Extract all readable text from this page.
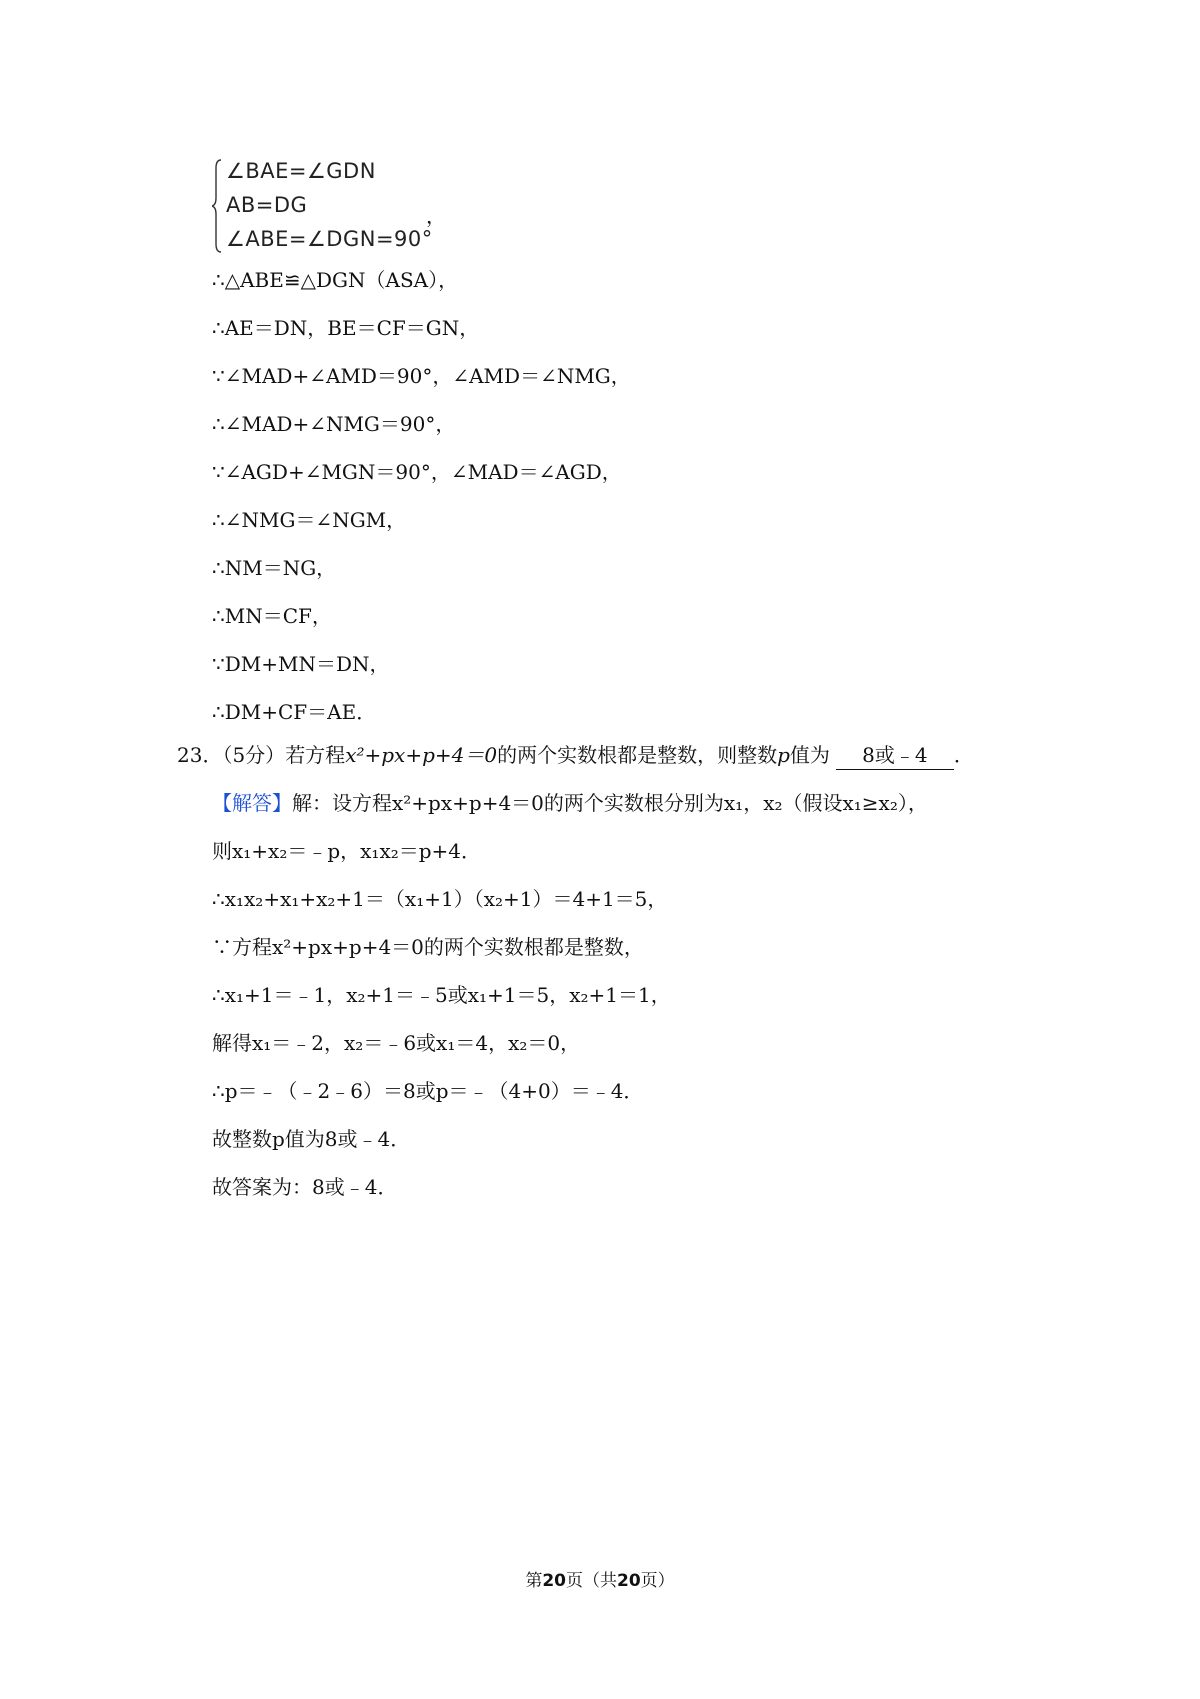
∠BAE=∠GDN
AB=DG
∠ABE=∠DGN=90°
，
∴△ABE≌△DGN（ASA），
∴AE＝DN，BE＝CF＝GN，
∵∠MAD+∠AMD＝90°，∠AMD＝∠NMG，
∴∠MAD+∠NMG＝90°，
∵∠AGD+∠MGN＝90°，∠MAD＝∠AGD，
∴∠NMG＝∠NGM，
∴NM＝NG，
∴MN＝CF，
∵DM+MN＝DN，
∴DM+CF＝AE．
23．（5分）若方程x²+px+p+4＝0的两个实数根都是整数，则整数p值为 8或﹣4 ．
【解答】解：设方程x²+px+p+4＝0的两个实数根分别为x₁，x₂（假设x₁≥x₂），
则x₁+x₂＝﹣p，x₁x₂＝p+4．
∴x₁x₂+x₁+x₂+1＝（x₁+1）（x₂+1）＝4+1＝5，
∵方程x²+px+p+4＝0的两个实数根都是整数，
∴x₁+1＝﹣1，x₂+1＝﹣5或x₁+1＝5，x₂+1＝1，
解得x₁＝﹣2，x₂＝﹣6或x₁＝4，x₂＝0，
∴p＝﹣（﹣2﹣6）＝8或p＝﹣（4+0）＝﹣4．
故整数p值为8或﹣4．
故答案为：8或﹣4．
第20页（共20页）
